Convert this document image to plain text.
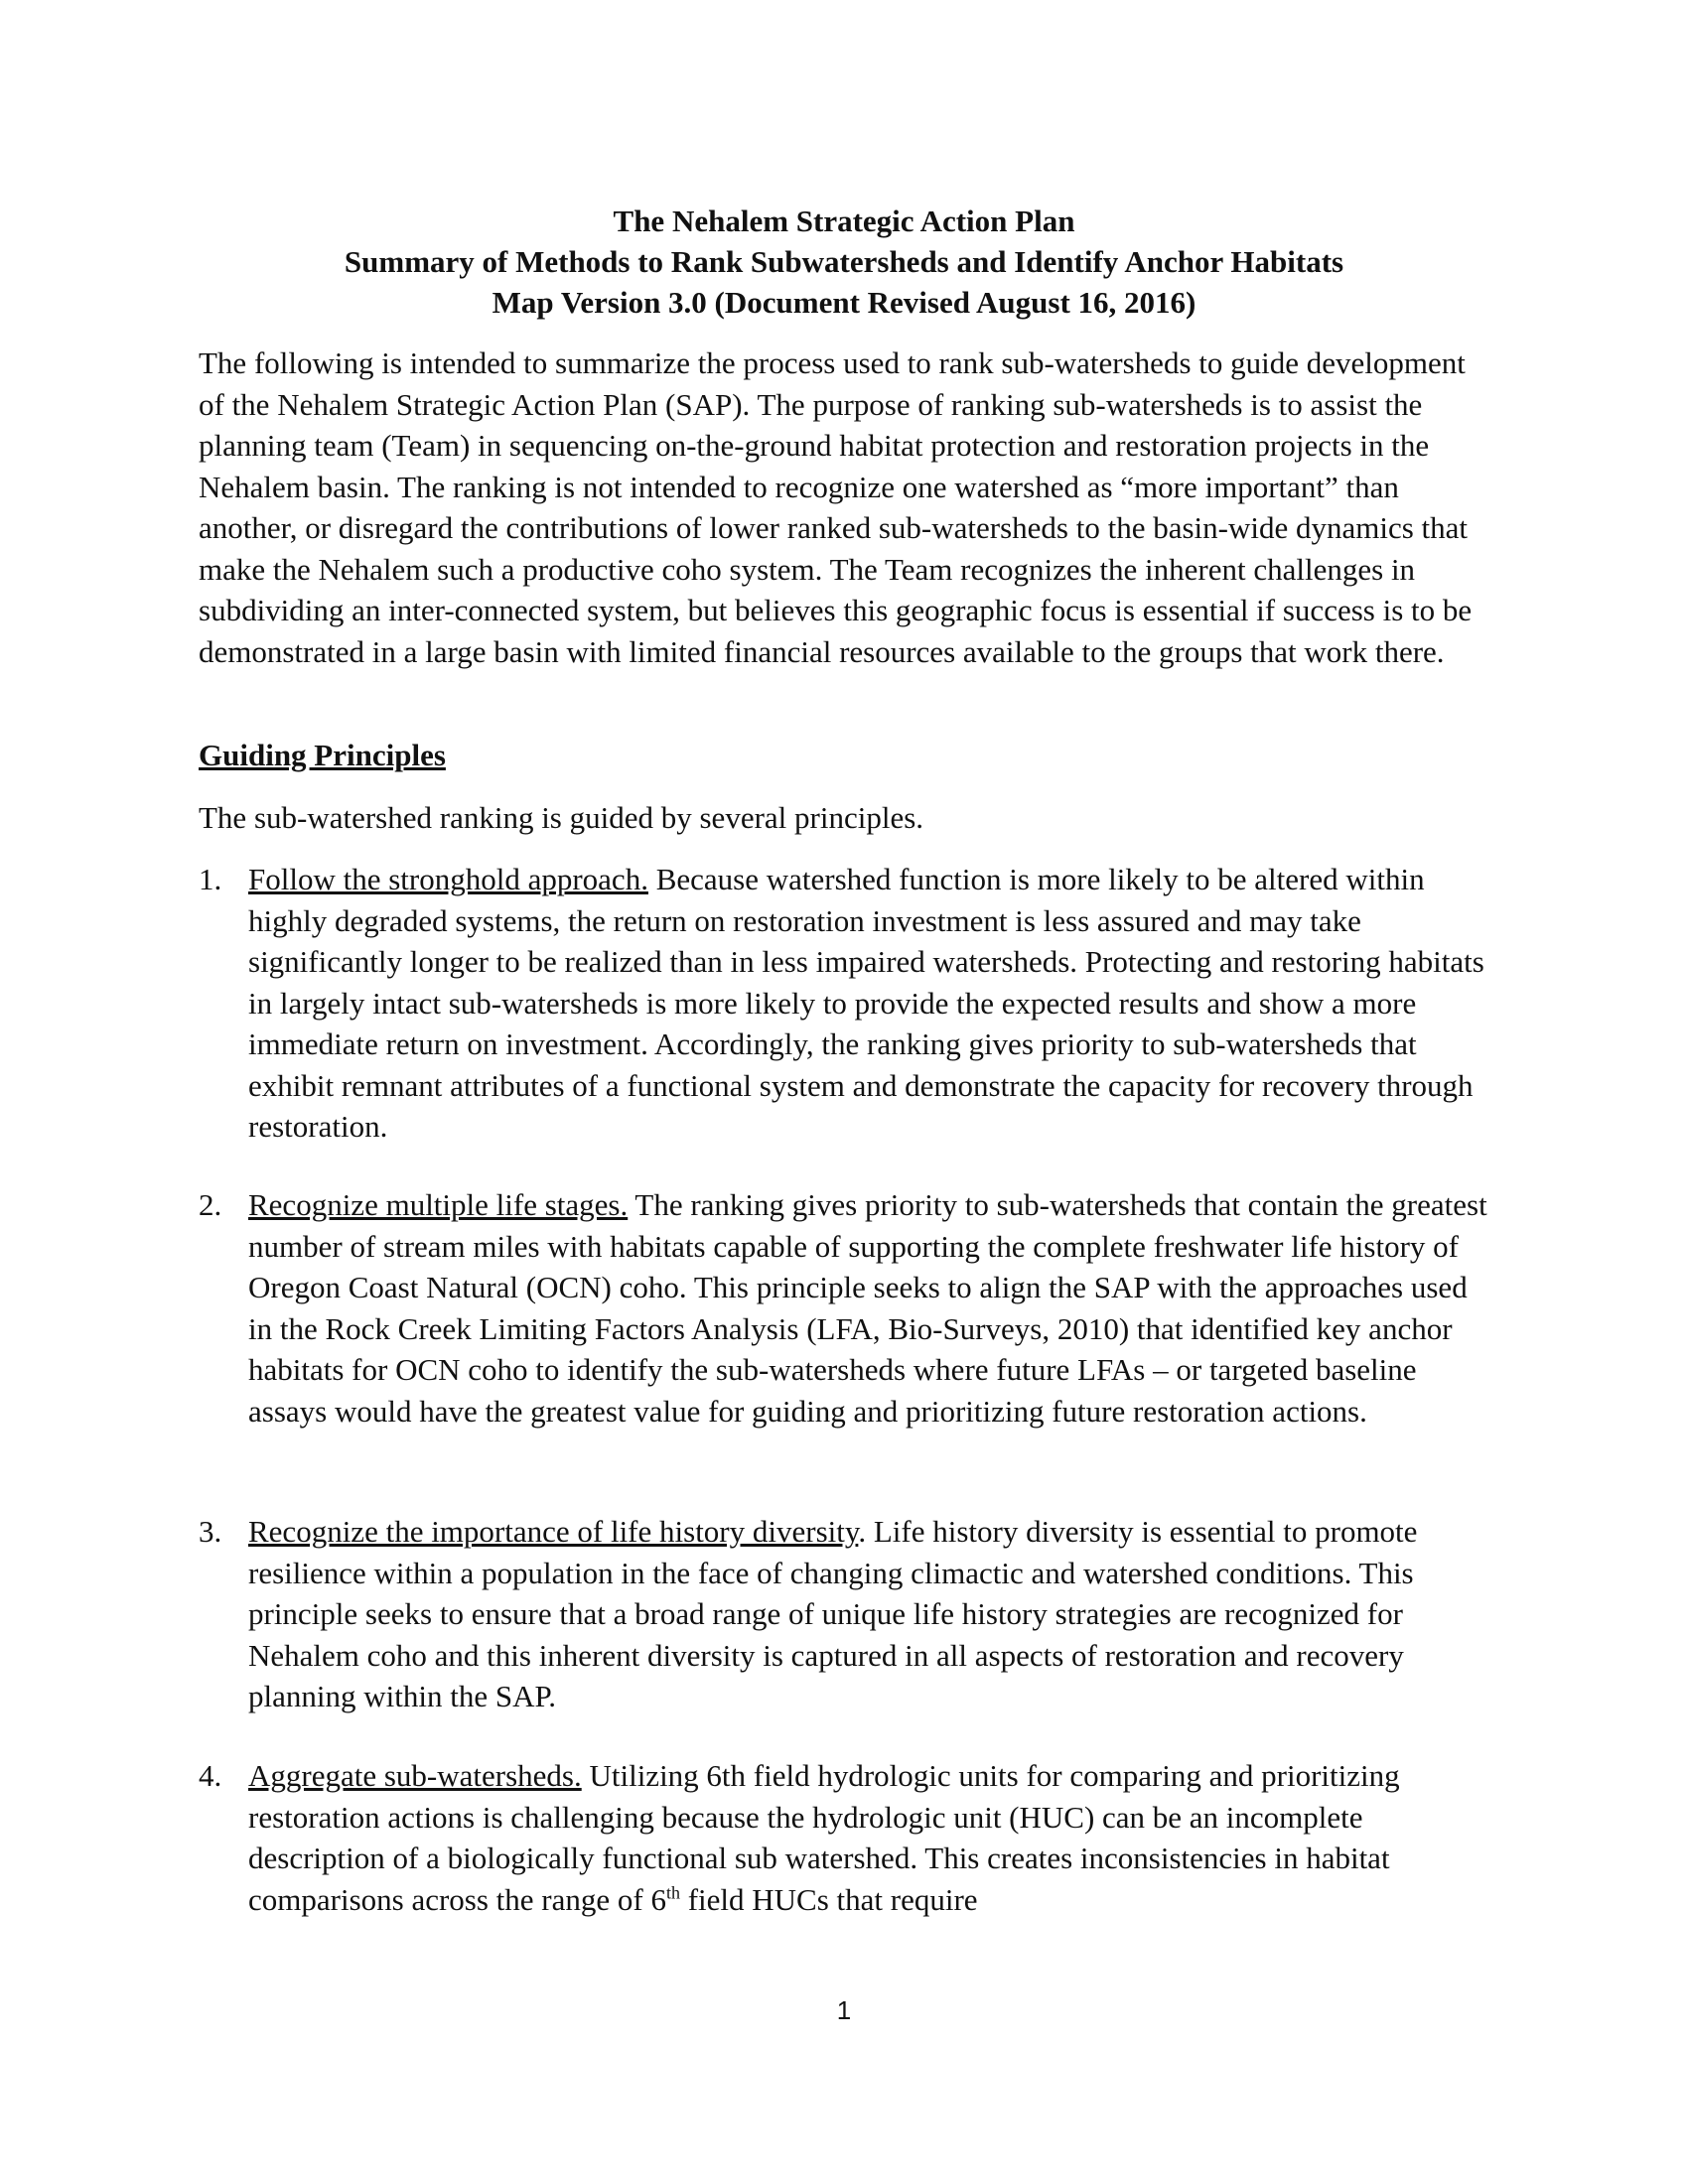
The Nehalem Strategic Action Plan
Summary of Methods to Rank Subwatersheds and Identify Anchor Habitats
Map Version 3.0 (Document Revised August 16, 2016)
The following is intended to summarize the process used to rank sub-watersheds to guide development of the Nehalem Strategic Action Plan (SAP). The purpose of ranking sub-watersheds is to assist the planning team (Team) in sequencing on-the-ground habitat protection and restoration projects in the Nehalem basin. The ranking is not intended to recognize one watershed as “more important” than another, or disregard the contributions of lower ranked sub-watersheds to the basin-wide dynamics that make the Nehalem such a productive coho system. The Team recognizes the inherent challenges in subdividing an inter-connected system, but believes this geographic focus is essential if success is to be demonstrated in a large basin with limited financial resources available to the groups that work there.
Guiding Principles
The sub-watershed ranking is guided by several principles.
1. Follow the stronghold approach. Because watershed function is more likely to be altered within highly degraded systems, the return on restoration investment is less assured and may take significantly longer to be realized than in less impaired watersheds. Protecting and restoring habitats in largely intact sub-watersheds is more likely to provide the expected results and show a more immediate return on investment. Accordingly, the ranking gives priority to sub-watersheds that exhibit remnant attributes of a functional system and demonstrate the capacity for recovery through restoration.
2. Recognize multiple life stages. The ranking gives priority to sub-watersheds that contain the greatest number of stream miles with habitats capable of supporting the complete freshwater life history of Oregon Coast Natural (OCN) coho. This principle seeks to align the SAP with the approaches used in the Rock Creek Limiting Factors Analysis (LFA, Bio-Surveys, 2010) that identified key anchor habitats for OCN coho to identify the sub-watersheds where future LFAs – or targeted baseline assays would have the greatest value for guiding and prioritizing future restoration actions.
3. Recognize the importance of life history diversity. Life history diversity is essential to promote resilience within a population in the face of changing climactic and watershed conditions. This principle seeks to ensure that a broad range of unique life history strategies are recognized for Nehalem coho and this inherent diversity is captured in all aspects of restoration and recovery planning within the SAP.
4. Aggregate sub-watersheds. Utilizing 6th field hydrologic units for comparing and prioritizing restoration actions is challenging because the hydrologic unit (HUC) can be an incomplete description of a biologically functional sub watershed. This creates inconsistencies in habitat comparisons across the range of 6th field HUCs that require
1
